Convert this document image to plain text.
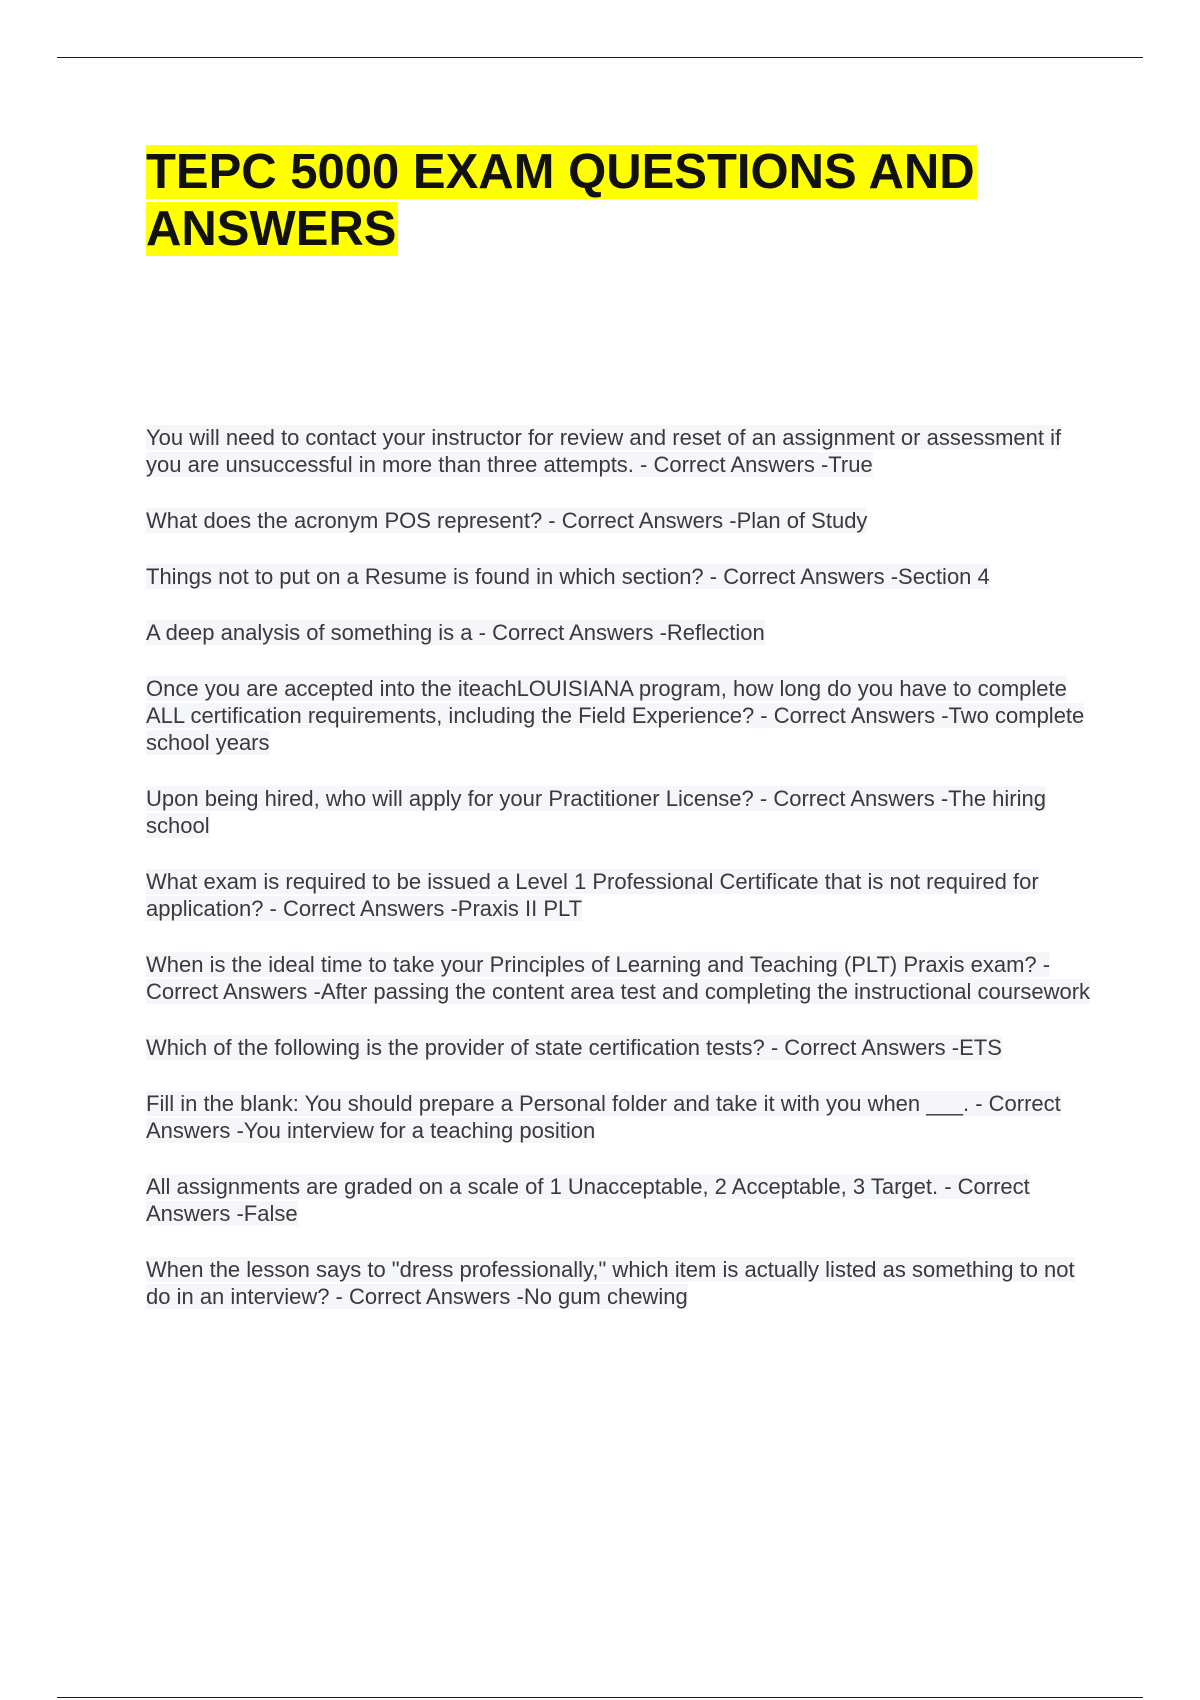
TEPC 5000 EXAM QUESTIONS AND ANSWERS
You will need to contact your instructor for review and reset of an assignment or assessment if you are unsuccessful in more than three attempts. - Correct Answers -True
What does the acronym POS represent? - Correct Answers -Plan of Study
Things not to put on a Resume is found in which section? - Correct Answers -Section 4
A deep analysis of something is a - Correct Answers -Reflection
Once you are accepted into the iteachLOUISIANA program, how long do you have to complete ALL certification requirements, including the Field Experience? - Correct Answers -Two complete school years
Upon being hired, who will apply for your Practitioner License? - Correct Answers -The hiring school
What exam is required to be issued a Level 1 Professional Certificate that is not required for application? - Correct Answers -Praxis II PLT
When is the ideal time to take your Principles of Learning and Teaching (PLT) Praxis exam? - Correct Answers -After passing the content area test and completing the instructional coursework
Which of the following is the provider of state certification tests? - Correct Answers -ETS
Fill in the blank: You should prepare a Personal folder and take it with you when ___. - Correct Answers -You interview for a teaching position
All assignments are graded on a scale of 1 Unacceptable, 2 Acceptable, 3 Target. - Correct Answers -False
When the lesson says to "dress professionally," which item is actually listed as something to not do in an interview? - Correct Answers -No gum chewing
